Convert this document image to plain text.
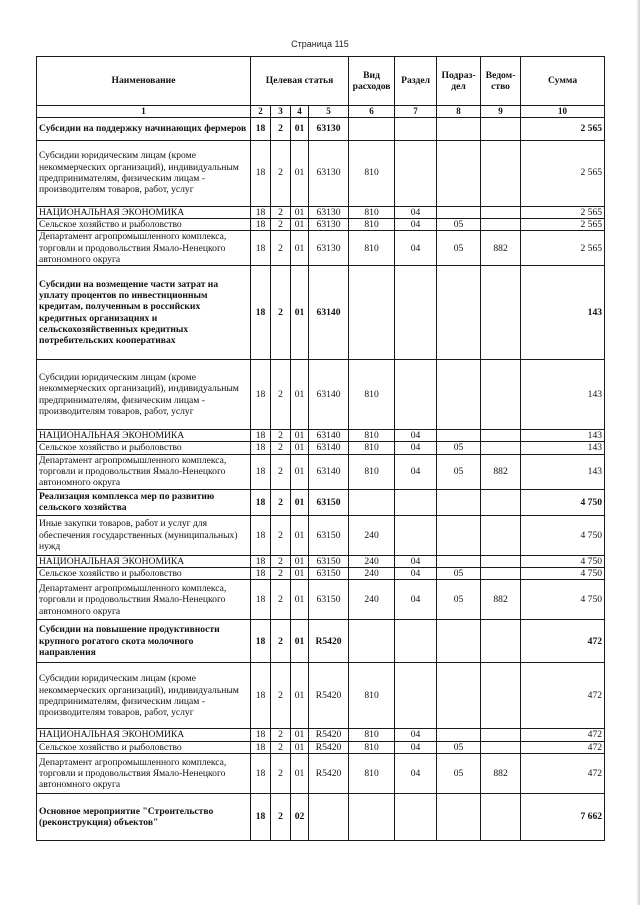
Страница 115
Наименование	Целевая статья				Вид расходов	Раздел	Подраз-дел	Ведом-ство	Сумма
1	2	3	4	5	6	7	8	9	10
Субсидии на поддержку начинающих фермеров	18	2	01	63130					2 565
Субсидии юридическим лицам (кроме некоммерческих организаций), индивидуальным предпринимателям, физическим лицам - производителям товаров, работ, услуг	18	2	01	63130	810				2 565
НАЦИОНАЛЬНАЯ ЭКОНОМИКА	18	2	01	63130	810	04			2 565
Сельское хозяйство и рыболовство	18	2	01	63130	810	04	05		2 565
Департамент агропромышленного комплекса, торговли и продовольствия Ямало-Ненецкого автономного округа	18	2	01	63130	810	04	05	882	2 565
Субсидии на возмещение части затрат на уплату процентов по инвестиционным кредитам, полученным в российских кредитных организациях и сельскохозяйственных кредитных потребительских кооперативах	18	2	01	63140					143
Субсидии юридическим лицам (кроме некоммерческих организаций), индивидуальным предпринимателям, физическим лицам - производителям товаров, работ, услуг	18	2	01	63140	810				143
НАЦИОНАЛЬНАЯ ЭКОНОМИКА	18	2	01	63140	810	04			143
Сельское хозяйство и рыболовство	18	2	01	63140	810	04	05		143
Департамент агропромышленного комплекса, торговли и продовольствия Ямало-Ненецкого автономного округа	18	2	01	63140	810	04	05	882	143
Реализация комплекса мер по развитию сельского хозяйства	18	2	01	63150					4 750
Иные закупки товаров, работ и услуг для обеспечения государственных (муниципальных) нужд	18	2	01	63150	240				4 750
НАЦИОНАЛЬНАЯ ЭКОНОМИКА	18	2	01	63150	240	04			4 750
Сельское хозяйство и рыболовство	18	2	01	63150	240	04	05		4 750
Департамент агропромышленного комплекса, торговли и продовольствия Ямало-Ненецкого автономного округа	18	2	01	63150	240	04	05	882	4 750
Субсидии на повышение продуктивности крупного рогатого скота молочного направления	18	2	01	R5420					472
Субсидии юридическим лицам (кроме некоммерческих организаций), индивидуальным предпринимателям, физическим лицам - производителям товаров, работ, услуг	18	2	01	R5420	810				472
НАЦИОНАЛЬНАЯ ЭКОНОМИКА	18	2	01	R5420	810	04			472
Сельское хозяйство и рыболовство	18	2	01	R5420	810	04	05		472
Департамент агропромышленного комплекса, торговли и продовольствия Ямало-Ненецкого автономного округа	18	2	01	R5420	810	04	05	882	472
Основное мероприятие "Строительство (реконструкция) объектов"	18	2	02						7 662
